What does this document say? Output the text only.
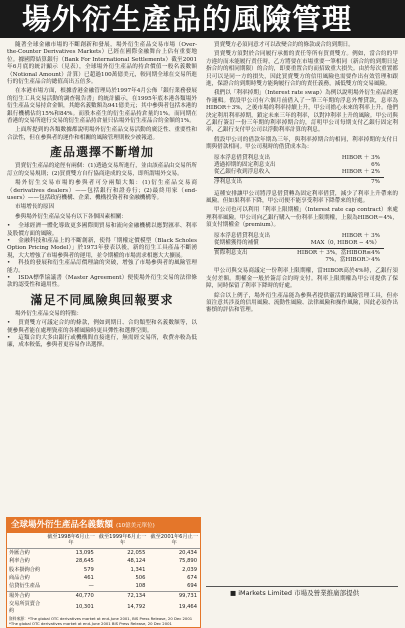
場外衍生產品的風險管理

隨著全球金融市場的不斷創新和發展，場外衍生產品交易市場（Over-the-Counter Derivatives Markets）已經在國際金融舞台上佔有重要地位。據國際結算銀行（Bank For International Settlements）截至2001年6月底的統計顯示（見表），全球場外衍生產品的持倉價值一般名義數額（Notional Amount）計算）已超過100萬億美元，較同期全球在交易所進行的衍生產品合約總值高出五倍多。

在本港市場方面，根據香港金融管理局於1997年4月公佈「銀行業務發展的衍生工具交易活動的調查報告書」的統計顯示，在1995年底本港各類場外衍生產品交易持倉金額，其總名義數額為941億美元；其中參與者包括本港的銀行機構佔約15%和84%。而股本產生的衍生產品持倉量約1%。而同期在香港的交易所進行交易的衍生產品持倉量只佔場外衍生產品合約金額的1%。

上面所提到的各類數據都說明場外衍生產品交易活動的廣泛性、重要性和合法性，但在參與者的運作和相關的風險管理則較少被報道。

產品選擇不斷增加

買賣衍生產品的途徑有兩個：(1)透過交易所進行，並由該產品由交易所所訂立的交易規則；(2)買賣雙方自行協商達成的交易，即所謂場外交易。

場外衍生交易市場的參與者可分兩類大類：(1)衍生產品交易商（derivatives dealers）——包括銀行和證券行；(2)最終用家（end-users）——包括政府機構、企業、機構投資者和金融機構等。

市場增長的原因

參與場外衍生產品交易有以下各個因素相關：

•

全球經濟一體化導致更多國際間貿易和流向金融機構以應對匯率、利率及股價方面的風險。

•

金融科技和產品上的不斷創新，使得「期權定價模型（Black Scholes Option Pricing Model）」於1973年發表以後，新的衍生工具產品不斷湧現，大大增強了市場參與者的運用，並令期權的市場需求相應大大擴展。

•

科技的發展和衍生產品訂價理論的突破，增強了市場參與者的風險管理能力。

•

ISDA標準協議書（Master Agreement）便使場外衍生交易的法律條款的認受性和適用性。

滿足不同風險與回報要求

場外衍生產品交易的特點：

•

買賣雙方可議定合約的條款，例如到期日、合約類型和名義數額等，以便參與者能在處理資產的各種風險時更具彈性和選擇空間。

•

這類合約大多由銀行或機構間直接進行，無需經交易所，收費亦較為低廉，成本較低，參與者更容易作出選擇。

買賣雙方必須同意才可以改變合約的條款或合約到期日。

買賣雙方須對於合同履行承擔的責任等所有買賣雙方。例如，當合約的甲方違約而未能履行責任時，乙方將要在市場重要一筆相同（新合約的到期日是指合約的相同期限）的合約，即要重置合約而招致重大損失。由於每次重置都只可以是同一方的損失，因此買賣雙方的信用風險也需要作出有效管理和跟進，保證合約到期時雙方能夠履行合約的責任義務，減低雙方的交易風險。

我們以「利率掉期」（Interest rate swap）為例以說明場外衍生產品的運作邏輯。假設甲公司有六個月前借入了一筆三年期的浮息外幣貸款，息率為HIBOR＋3%，之後市場的利率持續上升，甲公司擔心未來的利率上升。他們決定利用利率掉期，鎖定未來三年的利率，以對沖利率上升的風險。甲公司與乙銀行簽訂一份三年期的利率掉期合約，訂明甲公司每期支付乙銀行固定利率，乙銀行支付甲公司以浮動利率計算的利息。

假設甲公司的借款年期為三年，與利率掉期合約相同，利率掉期的支付日期與借款相同。甲公司現時的借貸成本為：

原本浮息借貸利息支出	HIBOR ＋ 3%
透過掉期的固定利息支出	6%
從乙銀行收到浮息收入	HIBOR ＋ 2%
淨利息支出	7%

這種安排讓甲公司將浮息借貸轉為固定利率借貸，減少了利率上升帶來的風險。但如果利率下降，甲公司便不能享受利率下降帶來的好處。

甲公司也可以利用「利率上限期權」（Interest rate cap contract）來處理利率風險。甲公司向乙銀行購入一份利率上限期權，上限為HIBOR＝4%，須支付期權金（premium）。

原本浮息借貸利息支出	HIBOR ＋ 3%
從期權獲得的補償	MAX（0, HIBOR − 4%）
實際利息支出	HIBOR ＋ 3%，當HIBOR≤4%
7%，當HIBOR＞4%

甲公司與交易商議定一份利率上限期權，當HIBOR高於4%時，乙銀行須支付差額。期權金一般於簽訂合約時支付。利率上限期權為甲公司提供了保障，同時保留了利率下降時的好處。

綜合以上例子，場外衍生產品能為參與者提供靈活的風險管理工具，但亦須注意其涉及的信用風險、流動性風險、法律風險和操作風險，因此必須作出審慎的評估和管理。

全球場外衍生產品名義數額 (10億美元單位)
	截至1998年6月止一年	截至1999年6月止一年	截至2001年6月止一年
外匯合約	13,095	22,055	20,434
利率合約	28,645	48,124	75,890
股本掛鉤合約	579	1,341	2,039
商品合約	461	506	674
信貸衍生產品	—	108	694
場外合約	40,770	72,134	99,731
交易所買賣合約	10,301	14,792	19,464
資料來源：*The global OTC derivatives market at end-June 2001, BIS Press Release, 20 Dec 2001
*The global OTC derivatives market at end-June 2001 BIS Press Release, 20 Dec 2001
■ iMarkets Limited 市場及營業推廣部提供
